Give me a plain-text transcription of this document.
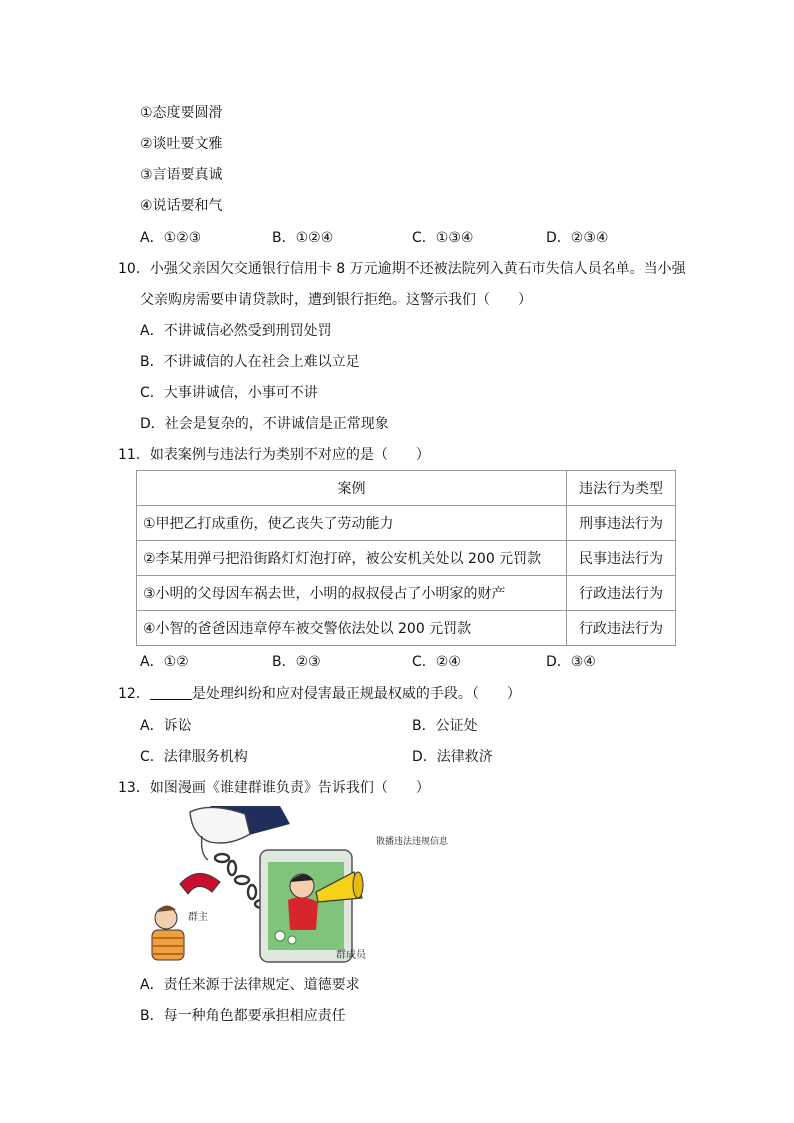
①态度要圆滑
②谈吐要文雅
③言语要真诚
④说话要和气
A．①②③	B．①②④	C．①③④	D．②③④
10．小强父亲因欠交通银行信用卡 8 万元逾期不还被法院列入黄石市失信人员名单。当小强
父亲购房需要申请贷款时，遭到银行拒绝。这警示我们（　　）
A．不讲诚信必然受到刑罚处罚
B．不讲诚信的人在社会上难以立足
C．大事讲诚信，小事可不讲
D．社会是复杂的，不讲诚信是正常现象
11．如表案例与违法行为类别不对应的是（　　）
案例	违法行为类型
①甲把乙打成重伤，使乙丧失了劳动能力	刑事违法行为
②李某用弹弓把沿街路灯灯泡打碎，被公安机关处以 200 元罚款	民事违法行为
③小明的父母因车祸去世，小明的叔叔侵占了小明家的财产	行政违法行为
④小智的爸爸因违章停车被交警依法处以 200 元罚款	行政违法行为
A．①②	B．②③	C．②④	D．③④
12．	是处理纠纷和应对侵害最正规最权威的手段。（　　）
A．诉讼	B．公证处
C．法律服务机构	D．法律救济
13．如图漫画《谁建群谁负责》告诉我们（　　）
散播违法违规信息
群主
群成员
A．责任来源于法律规定、道德要求
B．每一种角色都要承担相应责任
